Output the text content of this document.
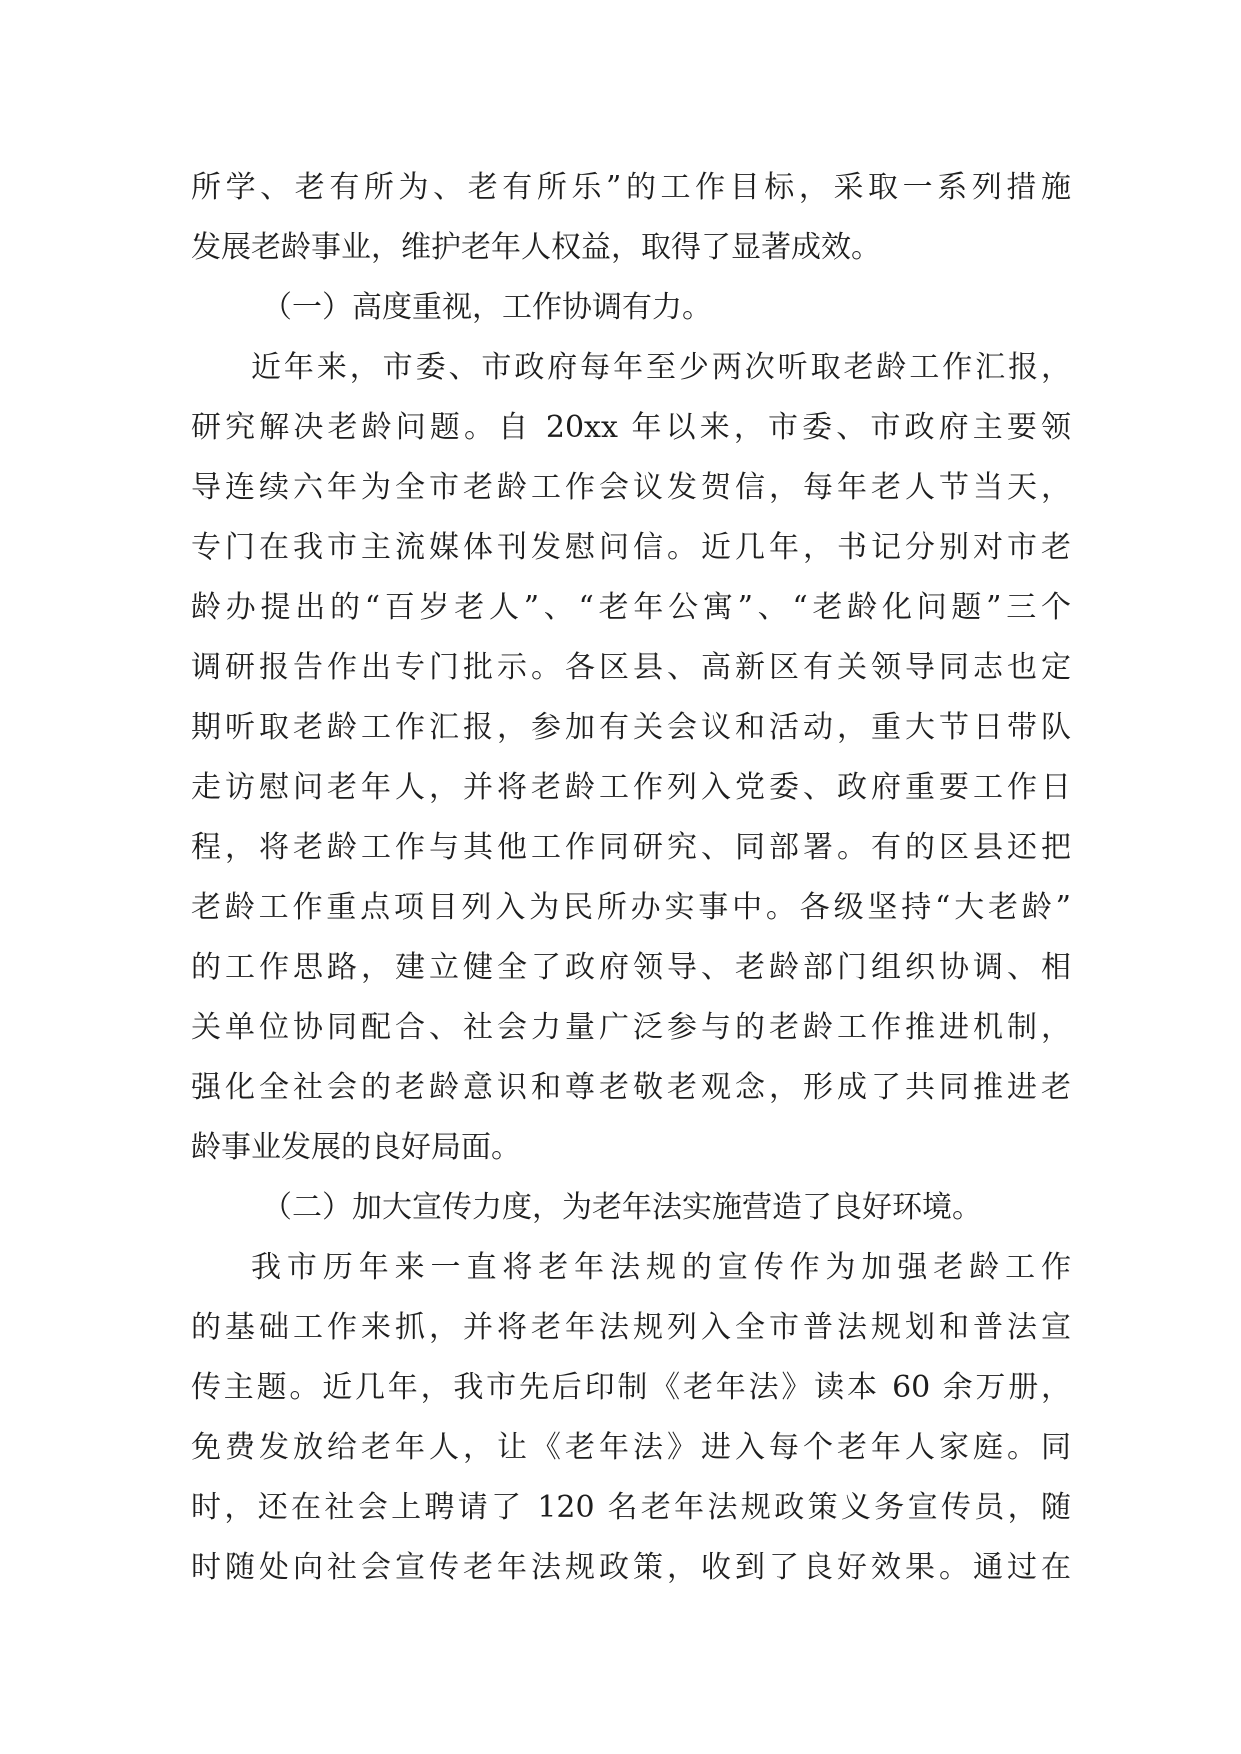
所学、老有所为、老有所乐”的工作目标，采取一系列措施
发展老龄事业，维护老年人权益，取得了显著成效。
（一）高度重视，工作协调有力。
近年来，市委、市政府每年至少两次听取老龄工作汇报，
研究解决老龄问题。自 20xx 年以来，市委、市政府主要领
导连续六年为全市老龄工作会议发贺信，每年老人节当天，
专门在我市主流媒体刊发慰问信。近几年，书记分别对市老
龄办提出的“百岁老人”、“老年公寓”、“老龄化问题”三个
调研报告作出专门批示。各区县、高新区有关领导同志也定
期听取老龄工作汇报，参加有关会议和活动，重大节日带队
走访慰问老年人，并将老龄工作列入党委、政府重要工作日
程，将老龄工作与其他工作同研究、同部署。有的区县还把
老龄工作重点项目列入为民所办实事中。各级坚持“大老龄”
的工作思路，建立健全了政府领导、老龄部门组织协调、相
关单位协同配合、社会力量广泛参与的老龄工作推进机制，
强化全社会的老龄意识和尊老敬老观念，形成了共同推进老
龄事业发展的良好局面。
（二）加大宣传力度，为老年法实施营造了良好环境。
我市历年来一直将老年法规的宣传作为加强老龄工作
的基础工作来抓，并将老年法规列入全市普法规划和普法宣
传主题。近几年，我市先后印制《老年法》读本 60 余万册，
免费发放给老年人，让《老年法》进入每个老年人家庭。同
时，还在社会上聘请了 120 名老年法规政策义务宣传员，随
时随处向社会宣传老年法规政策，收到了良好效果。通过在
